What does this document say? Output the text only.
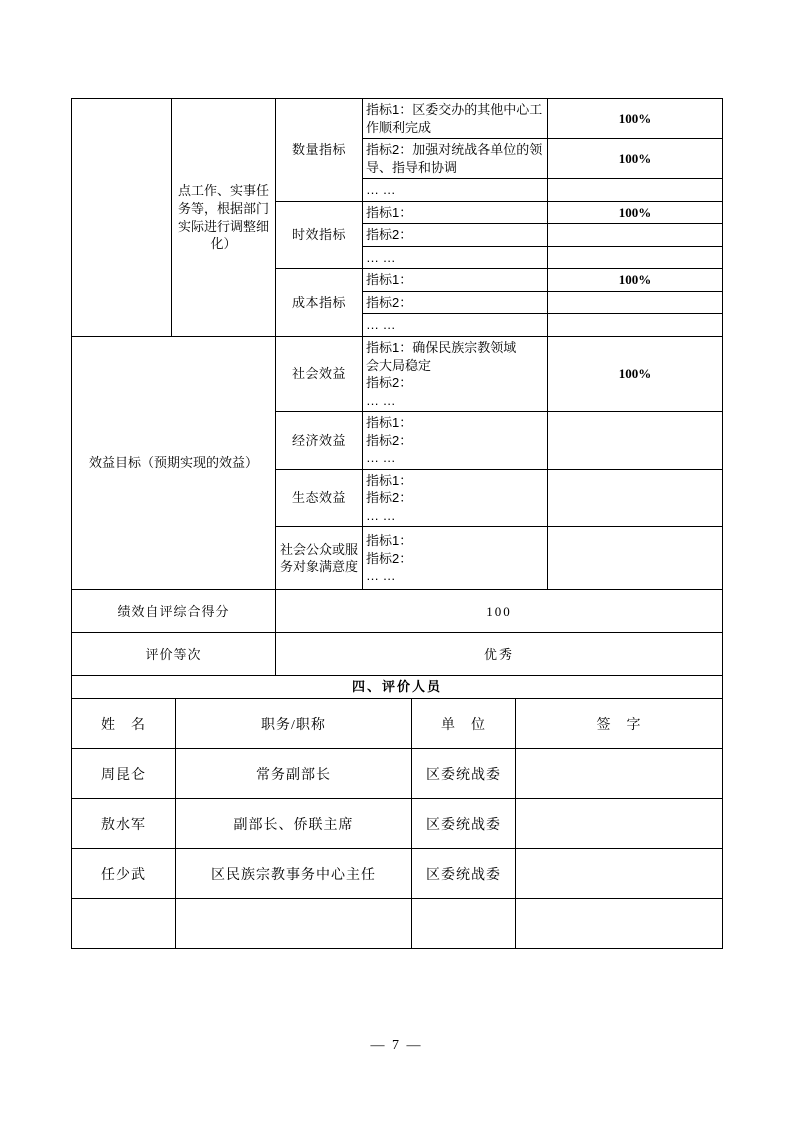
	点工作、实事任务等，根据部门实际进行调整细化）	数量指标	指标1：区委交办的其他中心工作顺利完成	100%
			指标2：加强对统战各单位的领导、指导和协调	100%
			… …	
		时效指标	指标1：	100%
			指标2：	
			… …	
		成本指标	指标1：	100%
			指标2：	
			… …	
效益目标（预期实现的效益）		社会效益	指标1：确保民族宗教领域
会大局稳定
指标2：
… …	100%
		经济效益	指标1：
指标2：
… …	

		生态效益	指标1：
指标2：
… …	

		社会公众或服务对象满意度	指标1：
指标2：
… …	

绩效自评综合得分		100		
评价等次		优秀		
四、评价人员				
姓　名	职务/职称	单　位	签　字
周昆仑	常务副部长	区委统战委	
敖水军	副部长、侨联主席	区委统战委	
任少武	区民族宗教事务中心主任	区委统战委	

— 7 —
